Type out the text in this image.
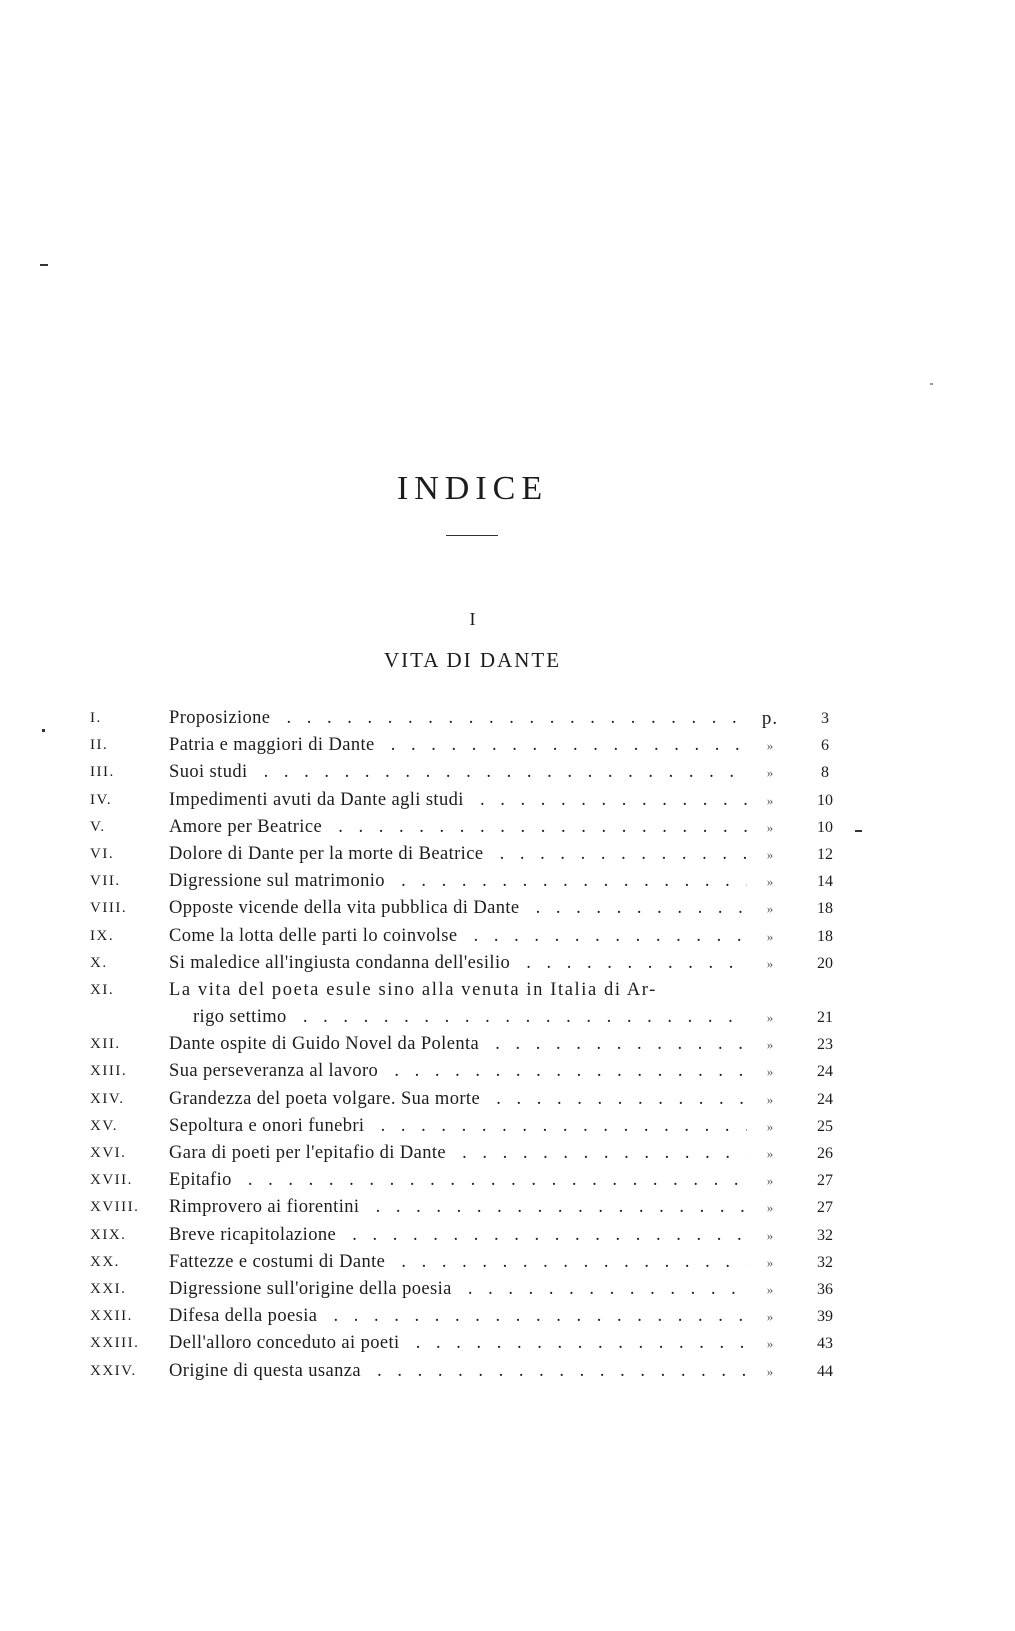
INDICE
I
VITA DI DANTE
I.	Proposizione . . .	p.	3
II.	Patria e maggiori di Dante . . .	»	6
III.	Suoi studi . . .	»	8
IV.	Impedimenti avuti da Dante agli studi . . .	»	10
V.	Amore per Beatrice . . .	»	10
VI.	Dolore di Dante per la morte di Beatrice . . .	»	12
VII.	Digressione sul matrimonio . . .	»	14
VIII.	Opposte vicende della vita pubblica di Dante . . .	»	18
IX.	Come la lotta delle parti lo coinvolse . . .	»	18
X.	Si maledice all'ingiusta condanna dell'esilio . . .	»	20
XI.	La vita del poeta esule sino alla venuta in Italia di Ar-
rigo settimo . . .	»	21
XII.	Dante ospite di Guido Novel da Polenta . . .	»	23
XIII.	Sua perseveranza al lavoro . . .	»	24
XIV.	Grandezza del poeta volgare. Sua morte . . .	»	24
XV.	Sepoltura e onori funebri . . .	»	25
XVI.	Gara di poeti per l'epitafio di Dante . . .	»	26
XVII.	Epitafio . . .	»	27
XVIII.	Rimprovero ai fiorentini . . .	»	27
XIX.	Breve ricapitolazione . . .	»	32
XX.	Fattezze e costumi di Dante . . .	»	32
XXI.	Digressione sull'origine della poesia . . .	»	36
XXII.	Difesa della poesia . . .	»	39
XXIII.	Dell'alloro conceduto ai poeti . . .	»	43
XXIV.	Origine di questa usanza . . .	»	44
